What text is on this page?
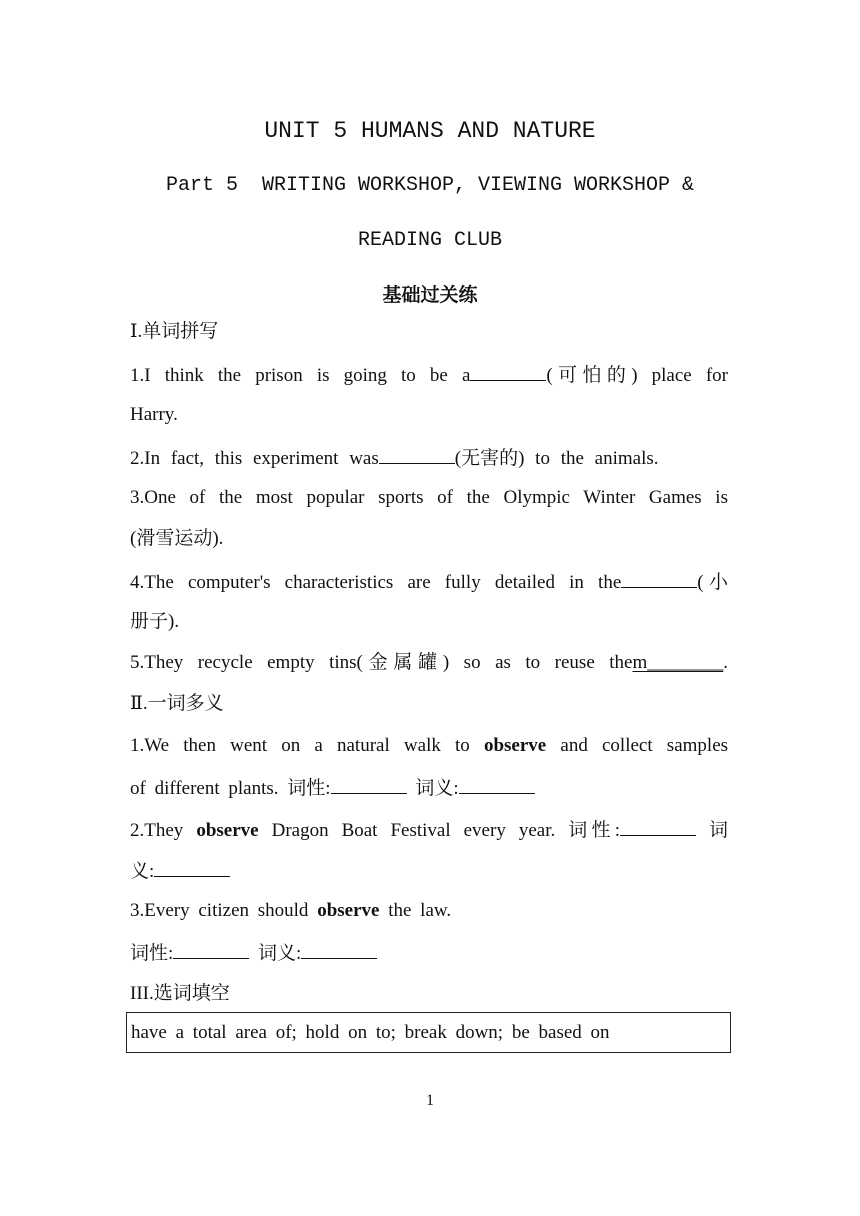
UNIT 5 HUMANS AND NATURE
Part 5  WRITING WORKSHOP, VIEWING WORKSHOP &
READING CLUB
基础过关练
Ⅰ.单词拼写
1.I think the prison is going to be a	(可怕的) place for
Harry.
2.In fact, this experiment was	(无害的) to the animals.
3.One of the most popular sports of the Olympic Winter Games is
(滑雪运动).
4.The computer's characteristics are fully detailed in the	(小
册子).
5.They recycle empty tins(金属罐) so as to reuse them________.
Ⅱ.一词多义
1.We then went on a natural walk to observe and collect samples
of different plants. 词性:	词义:
2.They observe Dragon Boat Festival every year. 词性:	词
义:
3.Every citizen should observe the law.
词性:	词义:
III.选词填空
have a total area of; hold on to; break down; be based on
1
